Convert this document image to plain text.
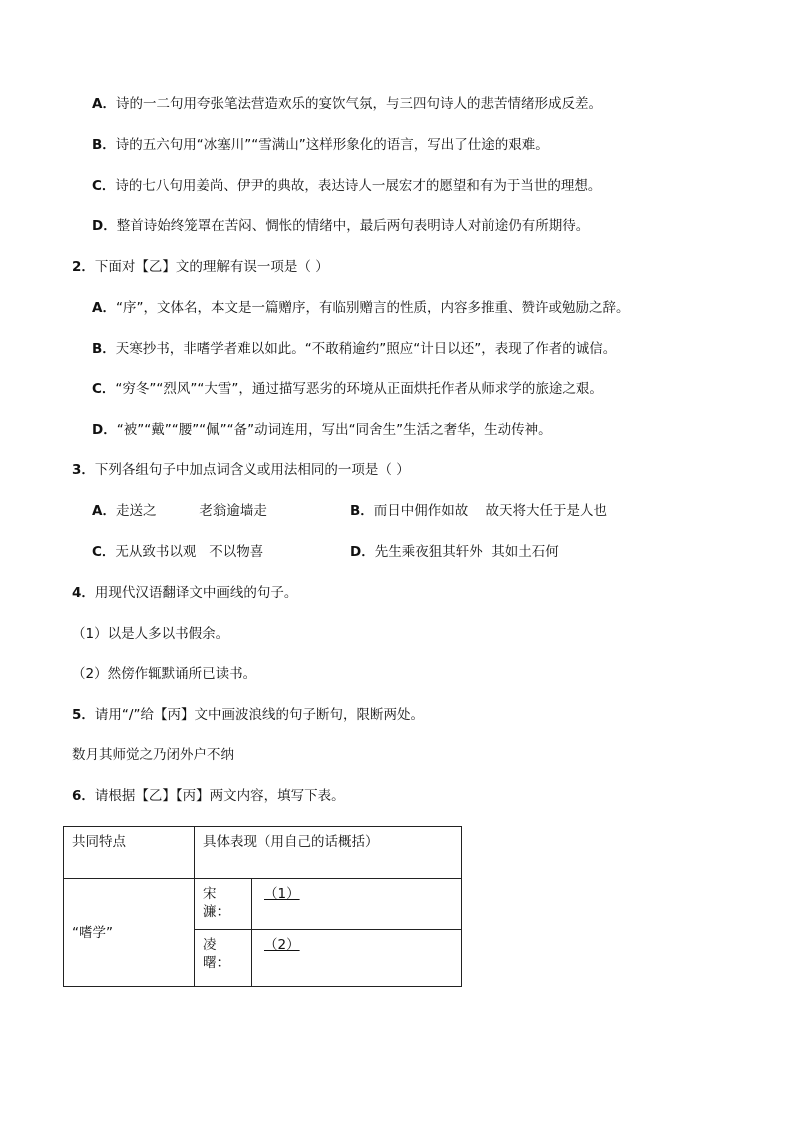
A．诗的一二句用夸张笔法营造欢乐的宴饮气氛，与三四句诗人的悲苦情绪形成反差。
B．诗的五六句用“冰塞川”“雪满山”这样形象化的语言，写出了仕途的艰难。
C．诗的七八句用姜尚、伊尹的典故，表达诗人一展宏才的愿望和有为于当世的理想。
D．整首诗始终笼罩在苦闷、惆怅的情绪中，最后两句表明诗人对前途仍有所期待。
2．下面对【乙】文的理解有误一项是（ ）
A．“序”，文体名，本文是一篇赠序，有临别赠言的性质，内容多推重、赞许或勉励之辞。
B．天寒抄书，非嗜学者难以如此。“不敢稍逾约”照应“计日以还”，表现了作者的诚信。
C．“穷冬”“烈风”“大雪”，通过描写恶劣的环境从正面烘托作者从师求学的旅途之艰。
D．“被”“戴”“腰”“佩”“备”动词连用，写出“同舍生”生活之奢华，生动传神。
3．下列各组句子中加点词含义或用法相同的一项是（ ）
A．走送之          老翁逾墙走	B．而日中佣作如故    故天将大任于是人也
C．无从致书以观   不以物喜	D．先生乘夜狙其轩外  其如土石何
4．用现代汉语翻译文中画线的句子。
（1）以是人多以书假余。
（2）然傍作辄默诵所已读书。
5．请用“/”给【丙】文中画波浪线的句子断句，限断两处。
数月其师觉之乃闭外户不纳
6．请根据【乙】【丙】两文内容，填写下表。
共同特点	具体表现（用自己的话概括）	
“嗜学”	宋濂：	（1）
	凌曙：	（2）
